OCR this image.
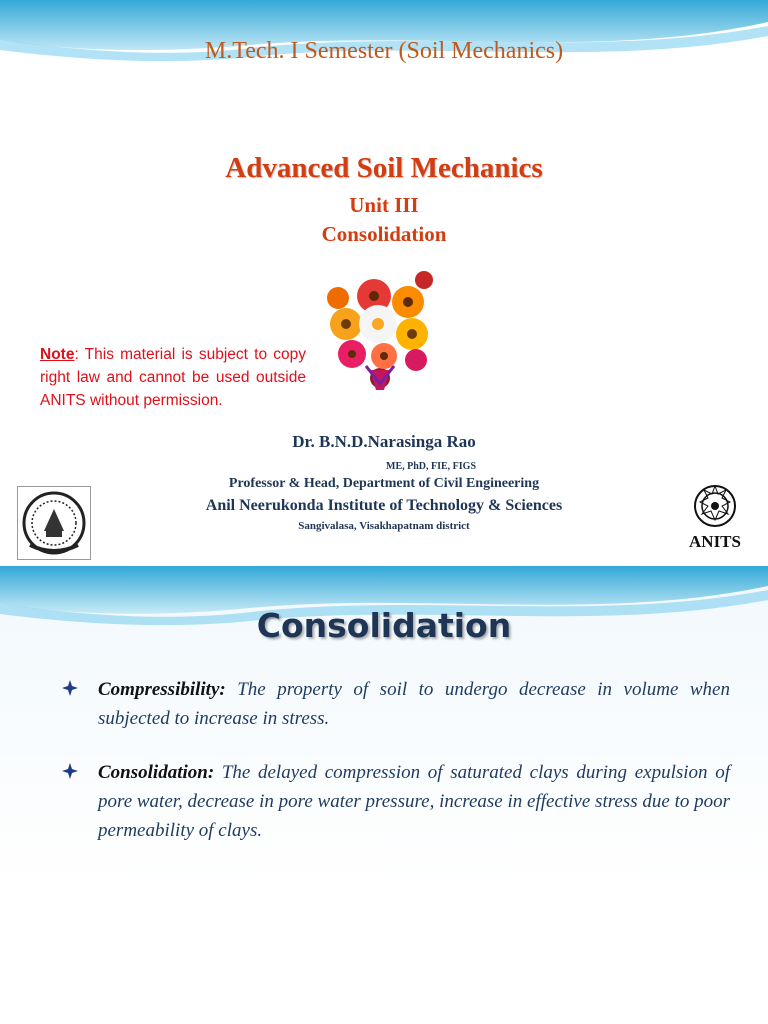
M.Tech. I Semester (Soil Mechanics)
Advanced Soil Mechanics
Unit III
Consolidation
Note: This material is subject to copy right law and cannot be used outside ANITS without permission.
Dr. B.N.D.Narasinga Rao
ME, PhD, FIE, FIGS
Professor & Head, Department of Civil Engineering
Anil Neerukonda Institute of Technology & Sciences
Sangivalasa, Visakhapatnam district
ANITS
Consolidation
Compressibility: The property of soil to undergo decrease in volume when subjected to increase in stress.
Consolidation: The delayed compression of saturated clays during expulsion of pore water, decrease in pore water pressure, increase in effective stress due to poor permeability of clays.
